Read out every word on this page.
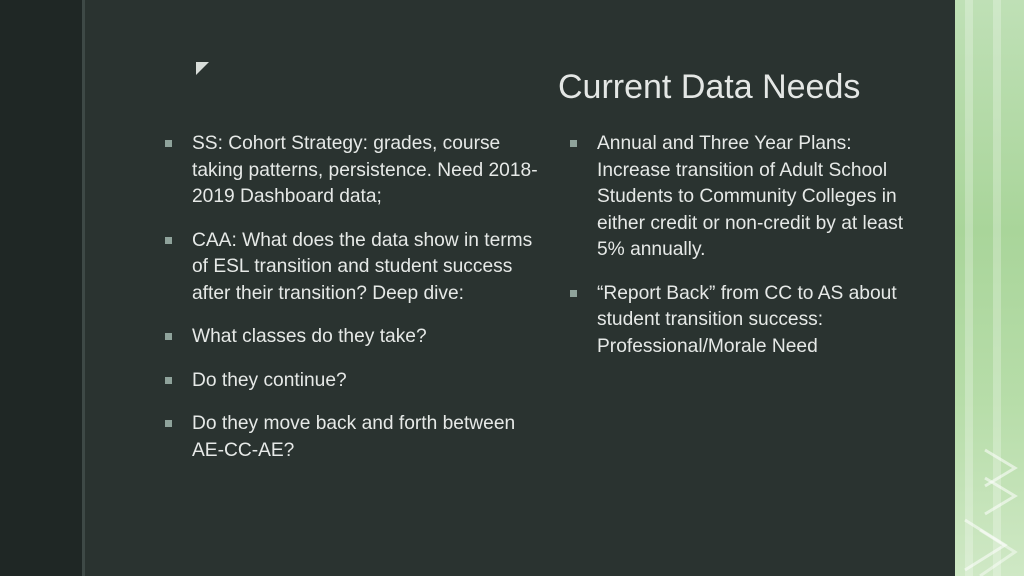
Current Data Needs
SS: Cohort Strategy: grades, course taking patterns, persistence. Need 2018-2019 Dashboard data;
CAA: What does the data show in terms of ESL transition and student success after their transition? Deep dive:
What classes do they take?
Do they continue?
Do they move back and forth between AE-CC-AE?
Annual and Three Year Plans: Increase transition of Adult School Students to Community Colleges in either credit or non-credit by at least 5% annually.
“Report Back” from CC to AS about student transition success: Professional/Morale Need
